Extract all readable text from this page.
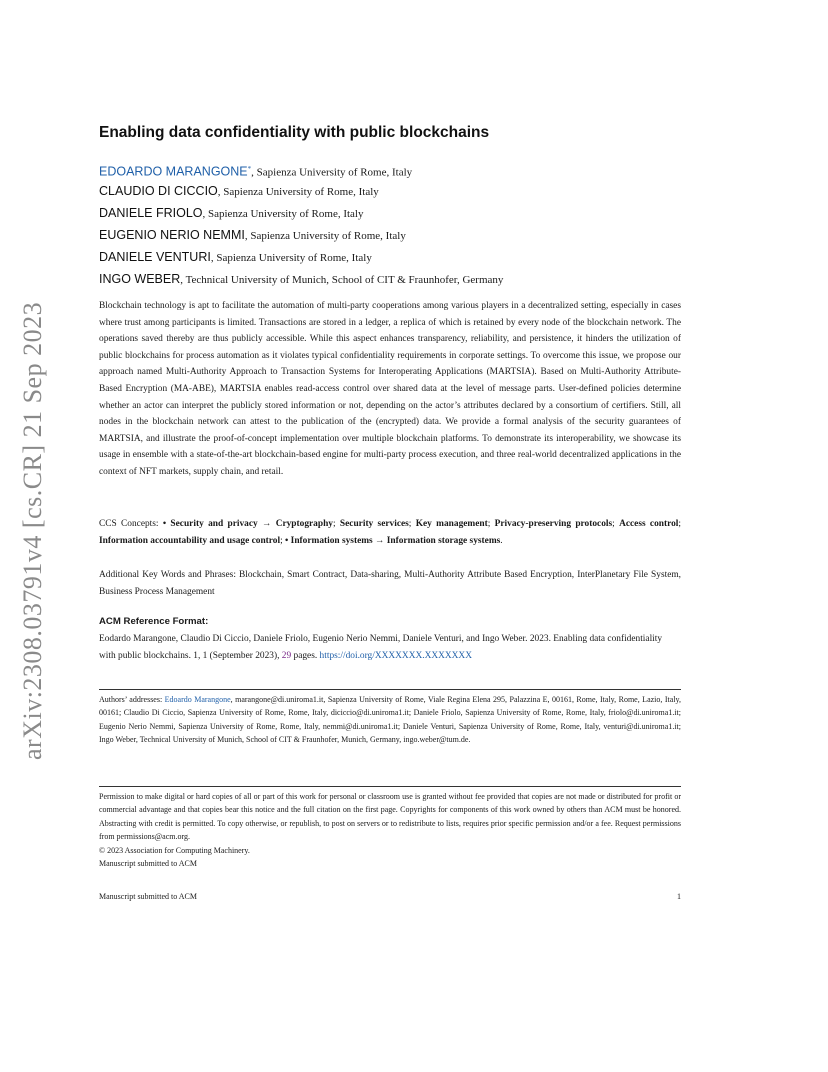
arXiv:2308.03791v4 [cs.CR] 21 Sep 2023
Enabling data confidentiality with public blockchains
EDOARDO MARANGONE*, Sapienza University of Rome, Italy
CLAUDIO DI CICCIO, Sapienza University of Rome, Italy
DANIELE FRIOLO, Sapienza University of Rome, Italy
EUGENIO NERIO NEMMI, Sapienza University of Rome, Italy
DANIELE VENTURI, Sapienza University of Rome, Italy
INGO WEBER, Technical University of Munich, School of CIT & Fraunhofer, Germany
Blockchain technology is apt to facilitate the automation of multi-party cooperations among various players in a decentralized setting, especially in cases where trust among participants is limited. Transactions are stored in a ledger, a replica of which is retained by every node of the blockchain network. The operations saved thereby are thus publicly accessible. While this aspect enhances transparency, reliability, and persistence, it hinders the utilization of public blockchains for process automation as it violates typical confidentiality requirements in corporate settings. To overcome this issue, we propose our approach named Multi-Authority Approach to Transaction Systems for Interoperating Applications (MARTSIA). Based on Multi-Authority Attribute-Based Encryption (MA-ABE), MARTSIA enables read-access control over shared data at the level of message parts. User-defined policies determine whether an actor can interpret the publicly stored information or not, depending on the actor’s attributes declared by a consortium of certifiers. Still, all nodes in the blockchain network can attest to the publication of the (encrypted) data. We provide a formal analysis of the security guarantees of MARTSIA, and illustrate the proof-of-concept implementation over multiple blockchain platforms. To demonstrate its interoperability, we showcase its usage in ensemble with a state-of-the-art blockchain-based engine for multi-party process execution, and three real-world decentralized applications in the context of NFT markets, supply chain, and retail.
CCS Concepts: • Security and privacy → Cryptography; Security services; Key management; Privacy-preserving protocols; Access control; Information accountability and usage control; • Information systems → Information storage systems.
Additional Key Words and Phrases: Blockchain, Smart Contract, Data-sharing, Multi-Authority Attribute Based Encryption, InterPlanetary File System, Business Process Management
ACM Reference Format:
Eodardo Marangone, Claudio Di Ciccio, Daniele Friolo, Eugenio Nerio Nemmi, Daniele Venturi, and Ingo Weber. 2023. Enabling data confidentiality with public blockchains. 1, 1 (September 2023), 29 pages. https://doi.org/XXXXXXX.XXXXXXX
Authors’ addresses: Edoardo Marangone, marangone@di.uniroma1.it, Sapienza University of Rome, Viale Regina Elena 295, Palazzina E, 00161, Rome, Italy, Rome, Lazio, Italy, 00161; Claudio Di Ciccio, Sapienza University of Rome, Rome, Italy, diciccio@di.uniroma1.it; Daniele Friolo, Sapienza University of Rome, Rome, Italy, friolo@di.uniroma1.it; Eugenio Nerio Nemmi, Sapienza University of Rome, Rome, Italy, nemmi@di.uniroma1.it; Daniele Venturi, Sapienza University of Rome, Rome, Italy, venturi@di.uniroma1.it; Ingo Weber, Technical University of Munich, School of CIT & Fraunhofer, Munich, Germany, ingo.weber@tum.de.
Permission to make digital or hard copies of all or part of this work for personal or classroom use is granted without fee provided that copies are not made or distributed for profit or commercial advantage and that copies bear this notice and the full citation on the first page. Copyrights for components of this work owned by others than ACM must be honored. Abstracting with credit is permitted. To copy otherwise, or republish, to post on servers or to redistribute to lists, requires prior specific permission and/or a fee. Request permissions from permissions@acm.org.
© 2023 Association for Computing Machinery.
Manuscript submitted to ACM
Manuscript submitted to ACM	1
